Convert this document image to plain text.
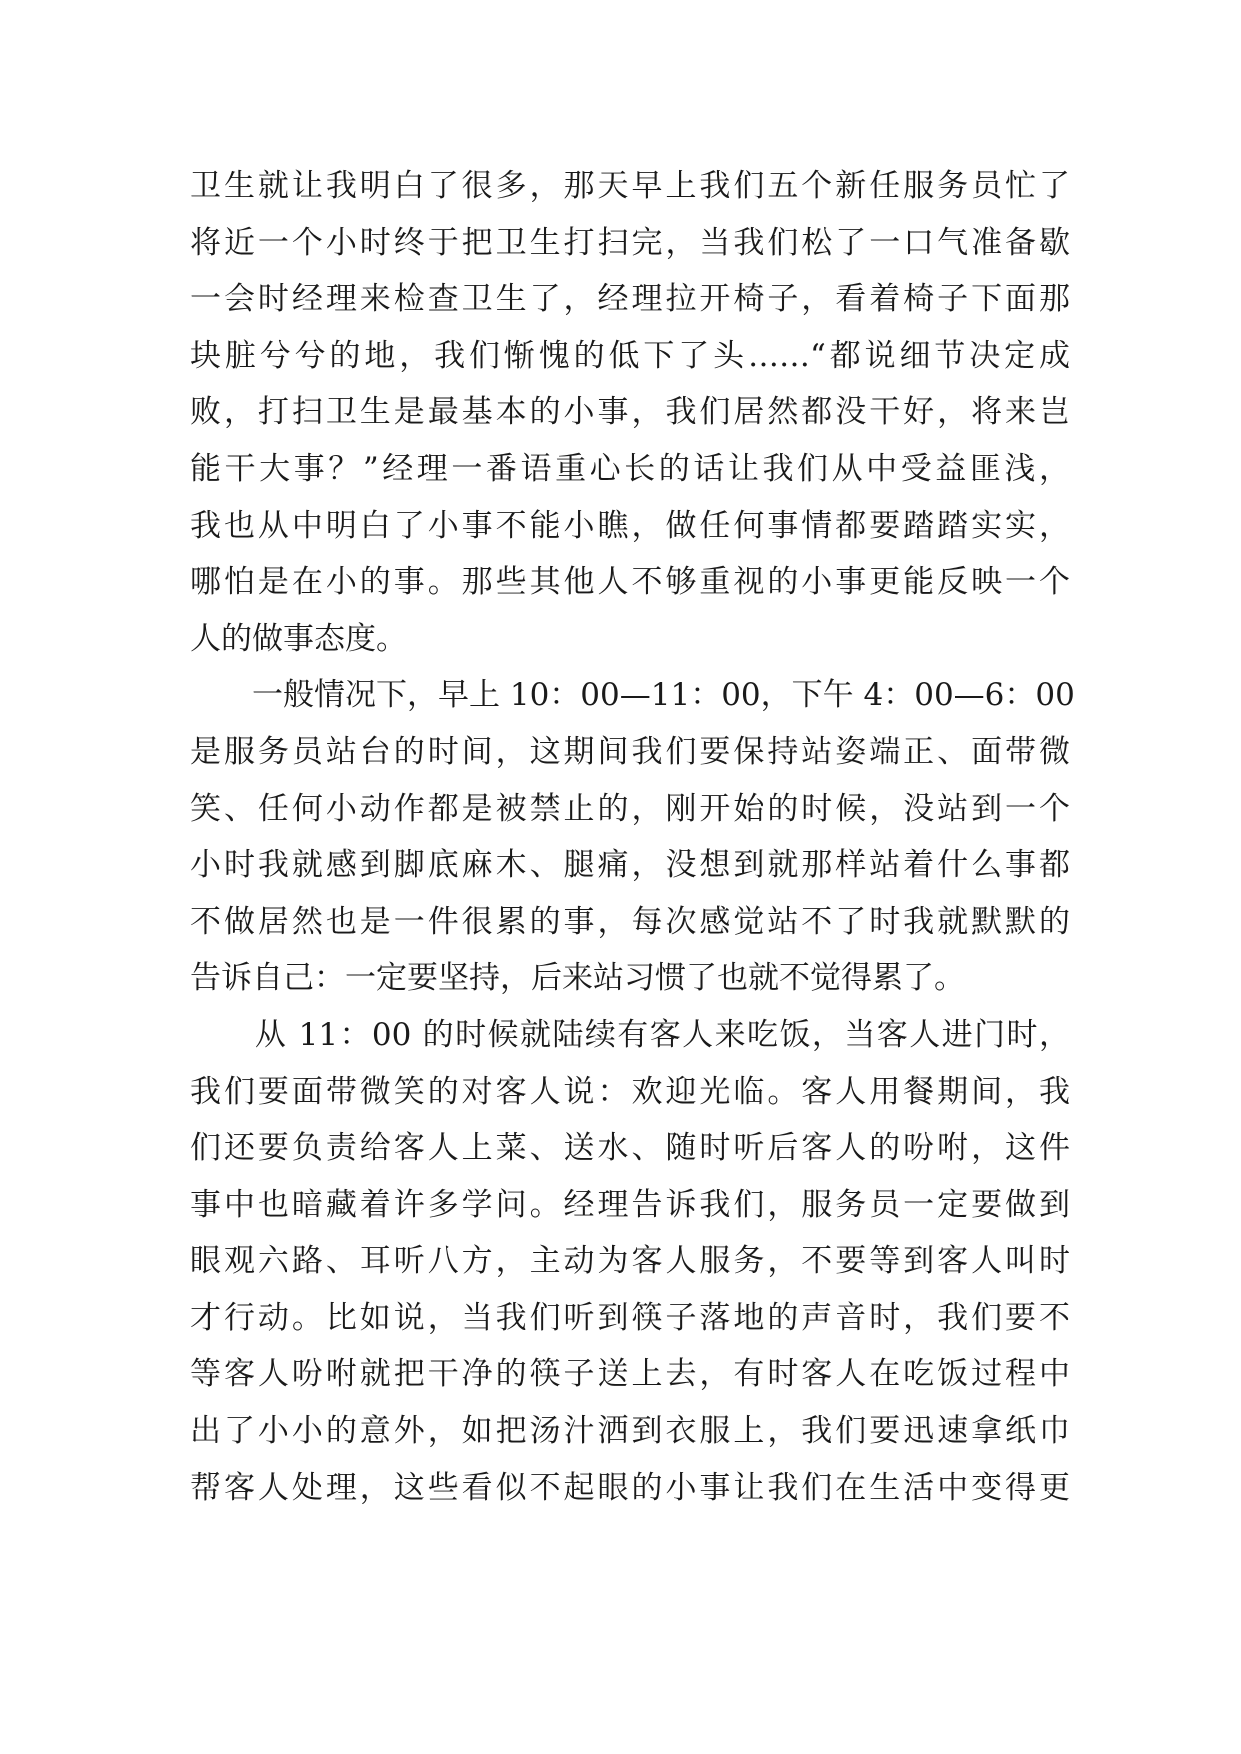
卫生就让我明白了很多，那天早上我们五个新任服务员忙了
将近一个小时终于把卫生打扫完，当我们松了一口气准备歇
一会时经理来检查卫生了，经理拉开椅子，看着椅子下面那
块脏兮兮的地，我们惭愧的低下了头……“都说细节决定成
败，打扫卫生是最基本的小事，我们居然都没干好，将来岂
能干大事？”经理一番语重心长的话让我们从中受益匪浅，
我也从中明白了小事不能小瞧，做任何事情都要踏踏实实，
哪怕是在小的事。那些其他人不够重视的小事更能反映一个
人的做事态度。
　　一般情况下，早上 10：00—11：00，下午 4：00—6：00
是服务员站台的时间，这期间我们要保持站姿端正、面带微
笑、任何小动作都是被禁止的，刚开始的时候，没站到一个
小时我就感到脚底麻木、腿痛，没想到就那样站着什么事都
不做居然也是一件很累的事，每次感觉站不了时我就默默的
告诉自己：一定要坚持，后来站习惯了也就不觉得累了。
　　从 11：00 的时候就陆续有客人来吃饭，当客人进门时，
我们要面带微笑的对客人说：欢迎光临。客人用餐期间，我
们还要负责给客人上菜、送水、随时听后客人的吩咐，这件
事中也暗藏着许多学问。经理告诉我们，服务员一定要做到
眼观六路、耳听八方，主动为客人服务，不要等到客人叫时
才行动。比如说，当我们听到筷子落地的声音时，我们要不
等客人吩咐就把干净的筷子送上去，有时客人在吃饭过程中
出了小小的意外，如把汤汁洒到衣服上，我们要迅速拿纸巾
帮客人处理，这些看似不起眼的小事让我们在生活中变得更
